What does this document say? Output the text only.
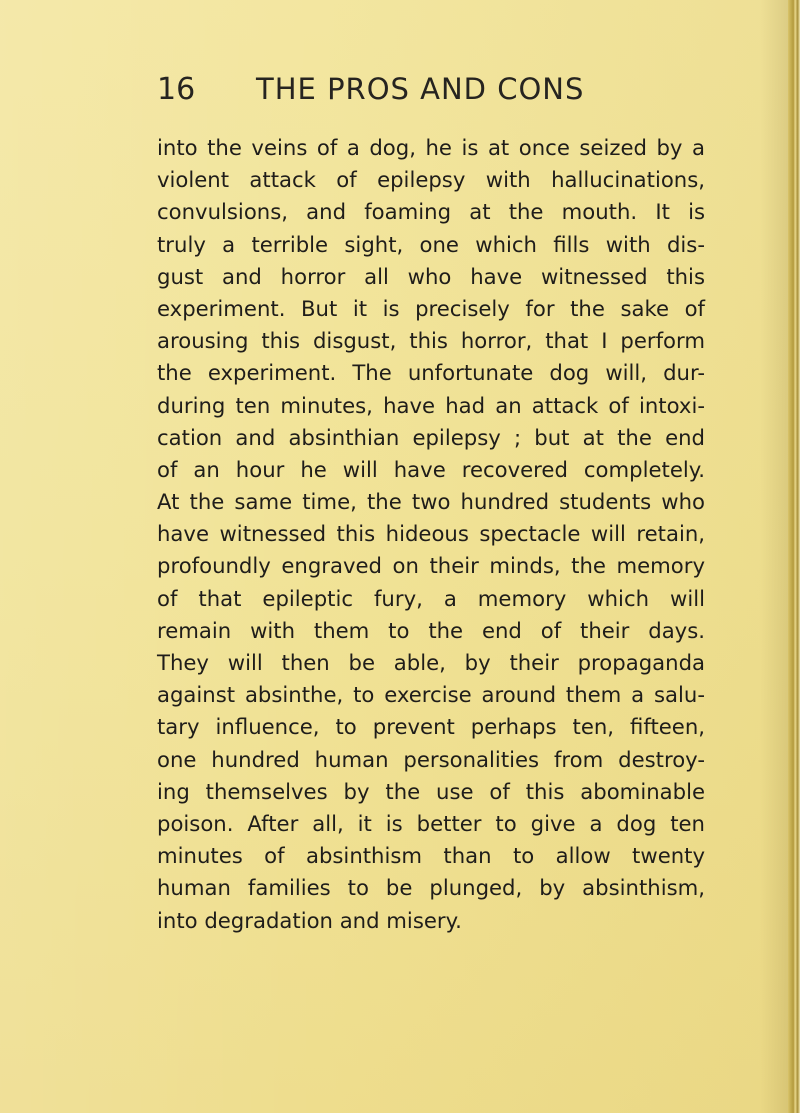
16 THE PROS AND CONS
into the veins of a dog, he is at once seized by a
violent attack of epilepsy with hallucinations,
convulsions, and foaming at the mouth. It is
truly a terrible sight, one which fills with dis-
gust and horror all who have witnessed this
experiment. But it is precisely for the sake of
arousing this disgust, this horror, that I perform
the experiment. The unfortunate dog will, dur-
during ten minutes, have had an attack of intoxi-
cation and absinthian epilepsy ; but at the end
of an hour he will have recovered completely.
At the same time, the two hundred students who
have witnessed this hideous spectacle will retain,
profoundly engraved on their minds, the memory
of that epileptic fury, a memory which will
remain with them to the end of their days.
They will then be able, by their propaganda
against absinthe, to exercise around them a salu-
tary influence, to prevent perhaps ten, fifteen,
one hundred human personalities from destroy-
ing themselves by the use of this abominable
poison. After all, it is better to give a dog ten
minutes of absinthism than to allow twenty
human families to be plunged, by absinthism,
into degradation and misery.
